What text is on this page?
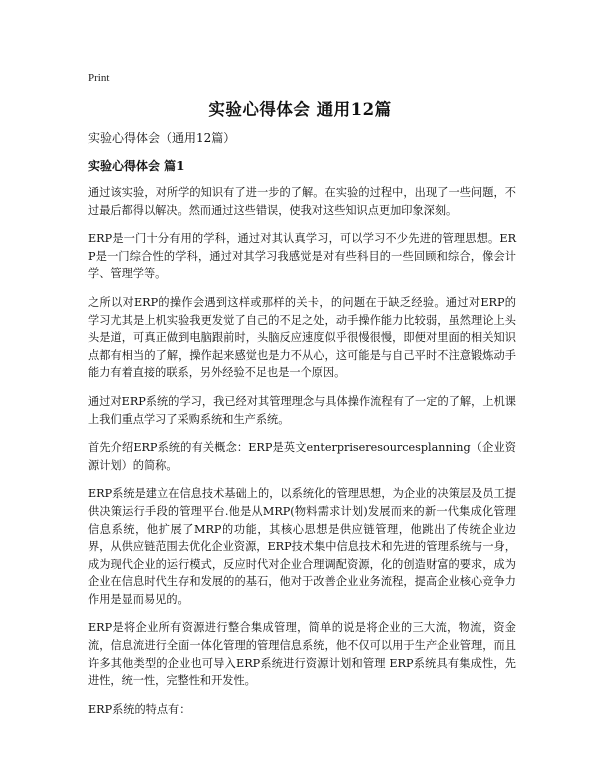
Print
实验心得体会 通用12篇

实验心得体会（通用12篇）

实验心得体会 篇1

通过该实验，对所学的知识有了进一步的了解。在实验的过程中，出现了一些问题，不过最后都得以解决。然而通过这些错误，使我对这些知识点更加印象深刻。

ERP是一门十分有用的学科，通过对其认真学习，可以学习不少先进的管理思想。ERP是一门综合性的学科，通过对其学习我感觉是对有些科目的一些回顾和综合，像会计学、管理学等。

之所以对ERP的操作会遇到这样或那样的关卡，的问题在于缺乏经验。通过对ERP的学习尤其是上机实验我更发觉了自己的不足之处，动手操作能力比较弱，虽然理论上头头是道，可真正做到电脑跟前时，头脑反应速度似乎很慢很慢，即便对里面的相关知识点都有相当的了解，操作起来感觉也是力不从心，这可能是与自己平时不注意锻炼动手能力有着直接的联系，另外经验不足也是一个原因。

通过对ERP系统的学习，我已经对其管理理念与具体操作流程有了一定的了解，上机课上我们重点学习了采购系统和生产系统。

首先介绍ERP系统的有关概念：ERP是英文enterpriseresourcesplanning（企业资源计划）的简称。

ERP系统是建立在信息技术基础上的，以系统化的管理思想，为企业的决策层及员工提供决策运行手段的管理平台.他是从MRP(物料需求计划)发展而来的新一代集成化管理信息系统，他扩展了MRP的功能，其核心思想是供应链管理，他跳出了传统企业边界，从供应链范围去优化企业资源，ERP技术集中信息技术和先进的管理系统与一身，成为现代企业的运行模式，反应时代对企业合理调配资源，化的创造财富的要求，成为企业在信息时代生存和发展的的基石，他对于改善企业业务流程，提高企业核心竞争力作用是显而易见的。

ERP是将企业所有资源进行整合集成管理，简单的说是将企业的三大流，物流，资金流，信息流进行全面一体化管理的管理信息系统，他不仅可以用于生产企业管理，而且许多其他类型的企业也可导入ERP系统进行资源计划和管理 ERP系统具有集成性，先进性，统一性，完整性和开发性。

ERP系统的特点有：
